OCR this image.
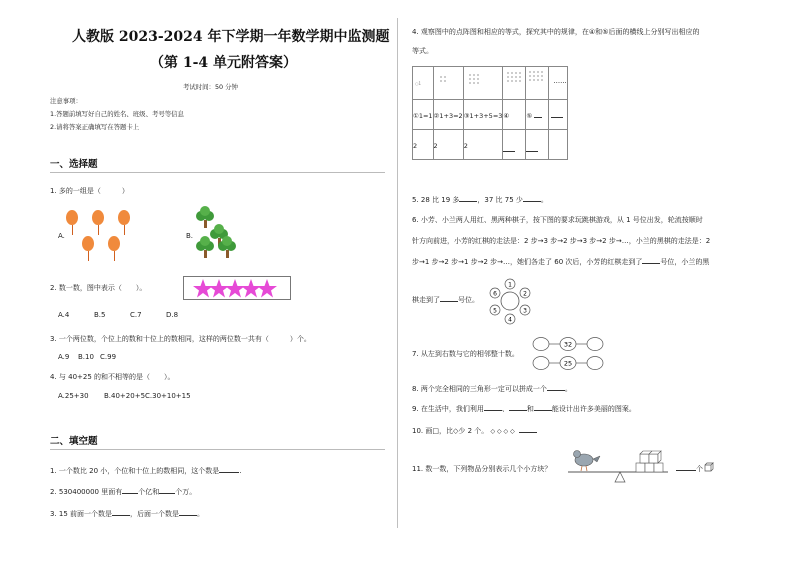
人教版 2023-2024 年下学期一年数学期中监测题
（第 1-4 单元附答案）
考试时间：50 分钟
注意事项：
1.答题前填写好自己的姓名、班级、考号等信息
2.请将答案正确填写在答题卡上
一、选择题
1. 多的一组是（　　　）
A.	B.
2. 数一数，图中表示（　　）。
A.4	B.5	C.7	D.8
3. 一个两位数，个位上的数和十位上的数相同，这样的两位数一共有（　　　）个。
A.9 B.10 C.99
4. 与 40+25 的和不相等的是（　　）。
A.25+30 B.40+20+5 C.30+10+15
二、填空题
1. 一个数比 20 小，个位和十位上的数相同，这个数是	.
2. 530400000 里面有 个亿和 个万。
3. 15 前面一个数是	，后面一个数是	。
4. 观察图中的点阵图和相应的等式，探究其中的规律，在④和⑤后面的横线上分别写出相应的
等式。
○1					......

①1=1	②1+3=2	③1+3+5=3	④	⑤	

2	2	2			

5. 28 比 19 多	，37 比 75 少	。
6. 小芳、小兰两人用红、黑两种棋子，按下图的要求玩跳棋游戏，从 1 号位出发，轮流按顺时
针方向前进，小芳的红棋的走法是：2 步→3 步→2 步→3 步→2 步→…，小兰的黑棋的走法是：2
步→1 步→2 步→1 步→2 步→…，她们各走了 60 次后，小芳的红棋走到了	号位，小兰的黑
棋走到了	号位。
1
2
3
4
5
6
7. 从左到右数与它的相邻整十数。
32
25
8. 两个完全相同的三角形一定可以拼成一个	。
9. 在生活中，我们利用	、	和	能设计出许多美丽的图案。
10. 画□，比◇少 2 个。 ◇ ◇ ◇ ◇
11. 数一数，下列物品分别表示几个小方块？	个
